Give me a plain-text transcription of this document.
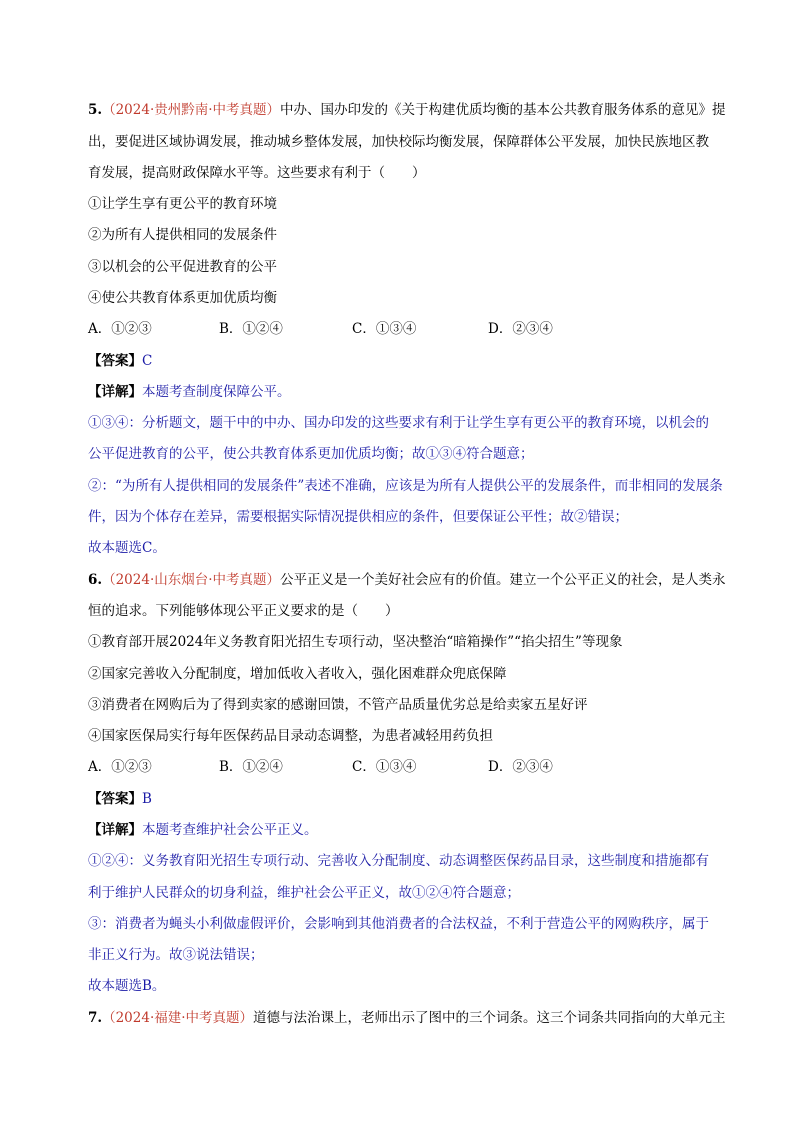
5.（2024·贵州黔南·中考真题）中办、国办印发的《关于构建优质均衡的基本公共教育服务体系的意见》提
出，要促进区域协调发展，推动城乡整体发展，加快校际均衡发展，保障群体公平发展，加快民族地区教
育发展，提高财政保障水平等。这些要求有利于（　　）
①让学生享有更公平的教育环境
②为所有人提供相同的发展条件
③以机会的公平促进教育的公平
④使公共教育体系更加优质均衡
A．①②③	B．①②④	C．①③④	D．②③④
【答案】C
【详解】本题考查制度保障公平。
①③④：分析题文，题干中的中办、国办印发的这些要求有利于让学生享有更公平的教育环境，以机会的
公平促进教育的公平，使公共教育体系更加优质均衡；故①③④符合题意；
②：“为所有人提供相同的发展条件”表述不准确，应该是为所有人提供公平的发展条件，而非相同的发展条
件，因为个体存在差异，需要根据实际情况提供相应的条件，但要保证公平性；故②错误；
故本题选C。
6.（2024·山东烟台·中考真题）公平正义是一个美好社会应有的价值。建立一个公平正义的社会，是人类永
恒的追求。下列能够体现公平正义要求的是（　　）
①教育部开展2024年义务教育阳光招生专项行动，坚决整治“暗箱操作”“掐尖招生”等现象
②国家完善收入分配制度，增加低收入者收入，强化困难群众兜底保障
③消费者在网购后为了得到卖家的感谢回馈，不管产品质量优劣总是给卖家五星好评
④国家医保局实行每年医保药品目录动态调整，为患者减轻用药负担
A．①②③	B．①②④	C．①③④	D．②③④
【答案】B
【详解】本题考查维护社会公平正义。
①②④：义务教育阳光招生专项行动、完善收入分配制度、动态调整医保药品目录，这些制度和措施都有
利于维护人民群众的切身利益，维护社会公平正义，故①②④符合题意；
③：消费者为蝇头小利做虚假评价，会影响到其他消费者的合法权益，不利于营造公平的网购秩序，属于
非正义行为。故③说法错误；
故本题选B。
7.（2024·福建·中考真题）道德与法治课上，老师出示了图中的三个词条。这三个词条共同指向的大单元主
